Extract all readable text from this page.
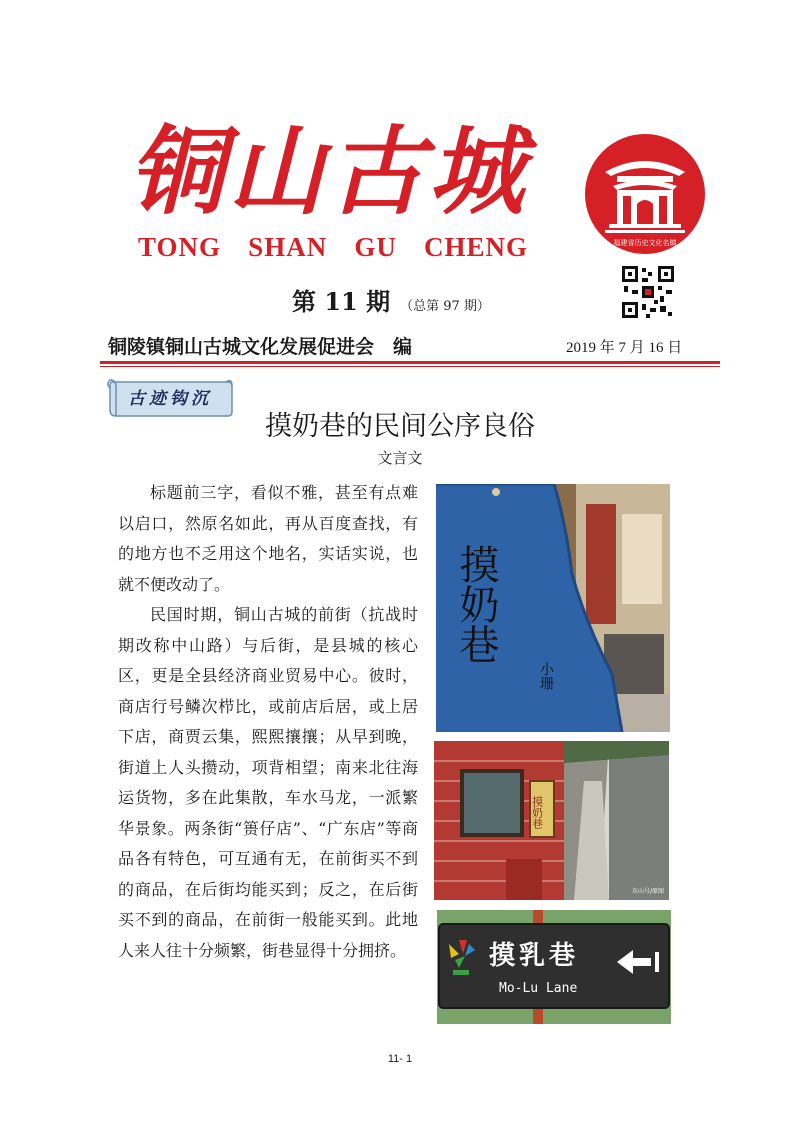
铜山古城
TONG SHAN GU CHENG	福建省历史文化名镇
第 11 期 （总第 97 期）
铜陵镇铜山古城文化发展促进会　编	2019 年 7 月 16 日
古迹钩沉
摸奶巷的民间公序良俗
文言文

标题前三字，看似不雅，甚至有点难以启口，然原名如此，再从百度查找，有的地方也不乏用这个地名，实话实说，也就不便改动了。

民国时期，铜山古城的前街（抗战时期改称中山路）与后街，是县城的核心区，更是全县经济商业贸易中心。彼时，商店行号鳞次栉比，或前店后居，或上居下店，商贾云集，熙熙攘攘；从早到晚，街道上人头攒动，项背相望；南来北往海运货物，多在此集散，车水马龙，一派繁华景象。两条街“篑仔店”、“广东店”等商品各有特色，可互通有无，在前街买不到的商品，在后街均能买到；反之，在后街买不到的商品，在前街一般能买到。此地人来人往十分频繁，街巷显得十分拥挤。

摸奶巷
小珊
摸奶巷
东山号/原图
摸乳巷
Mo-Lu Lane
11- 1
